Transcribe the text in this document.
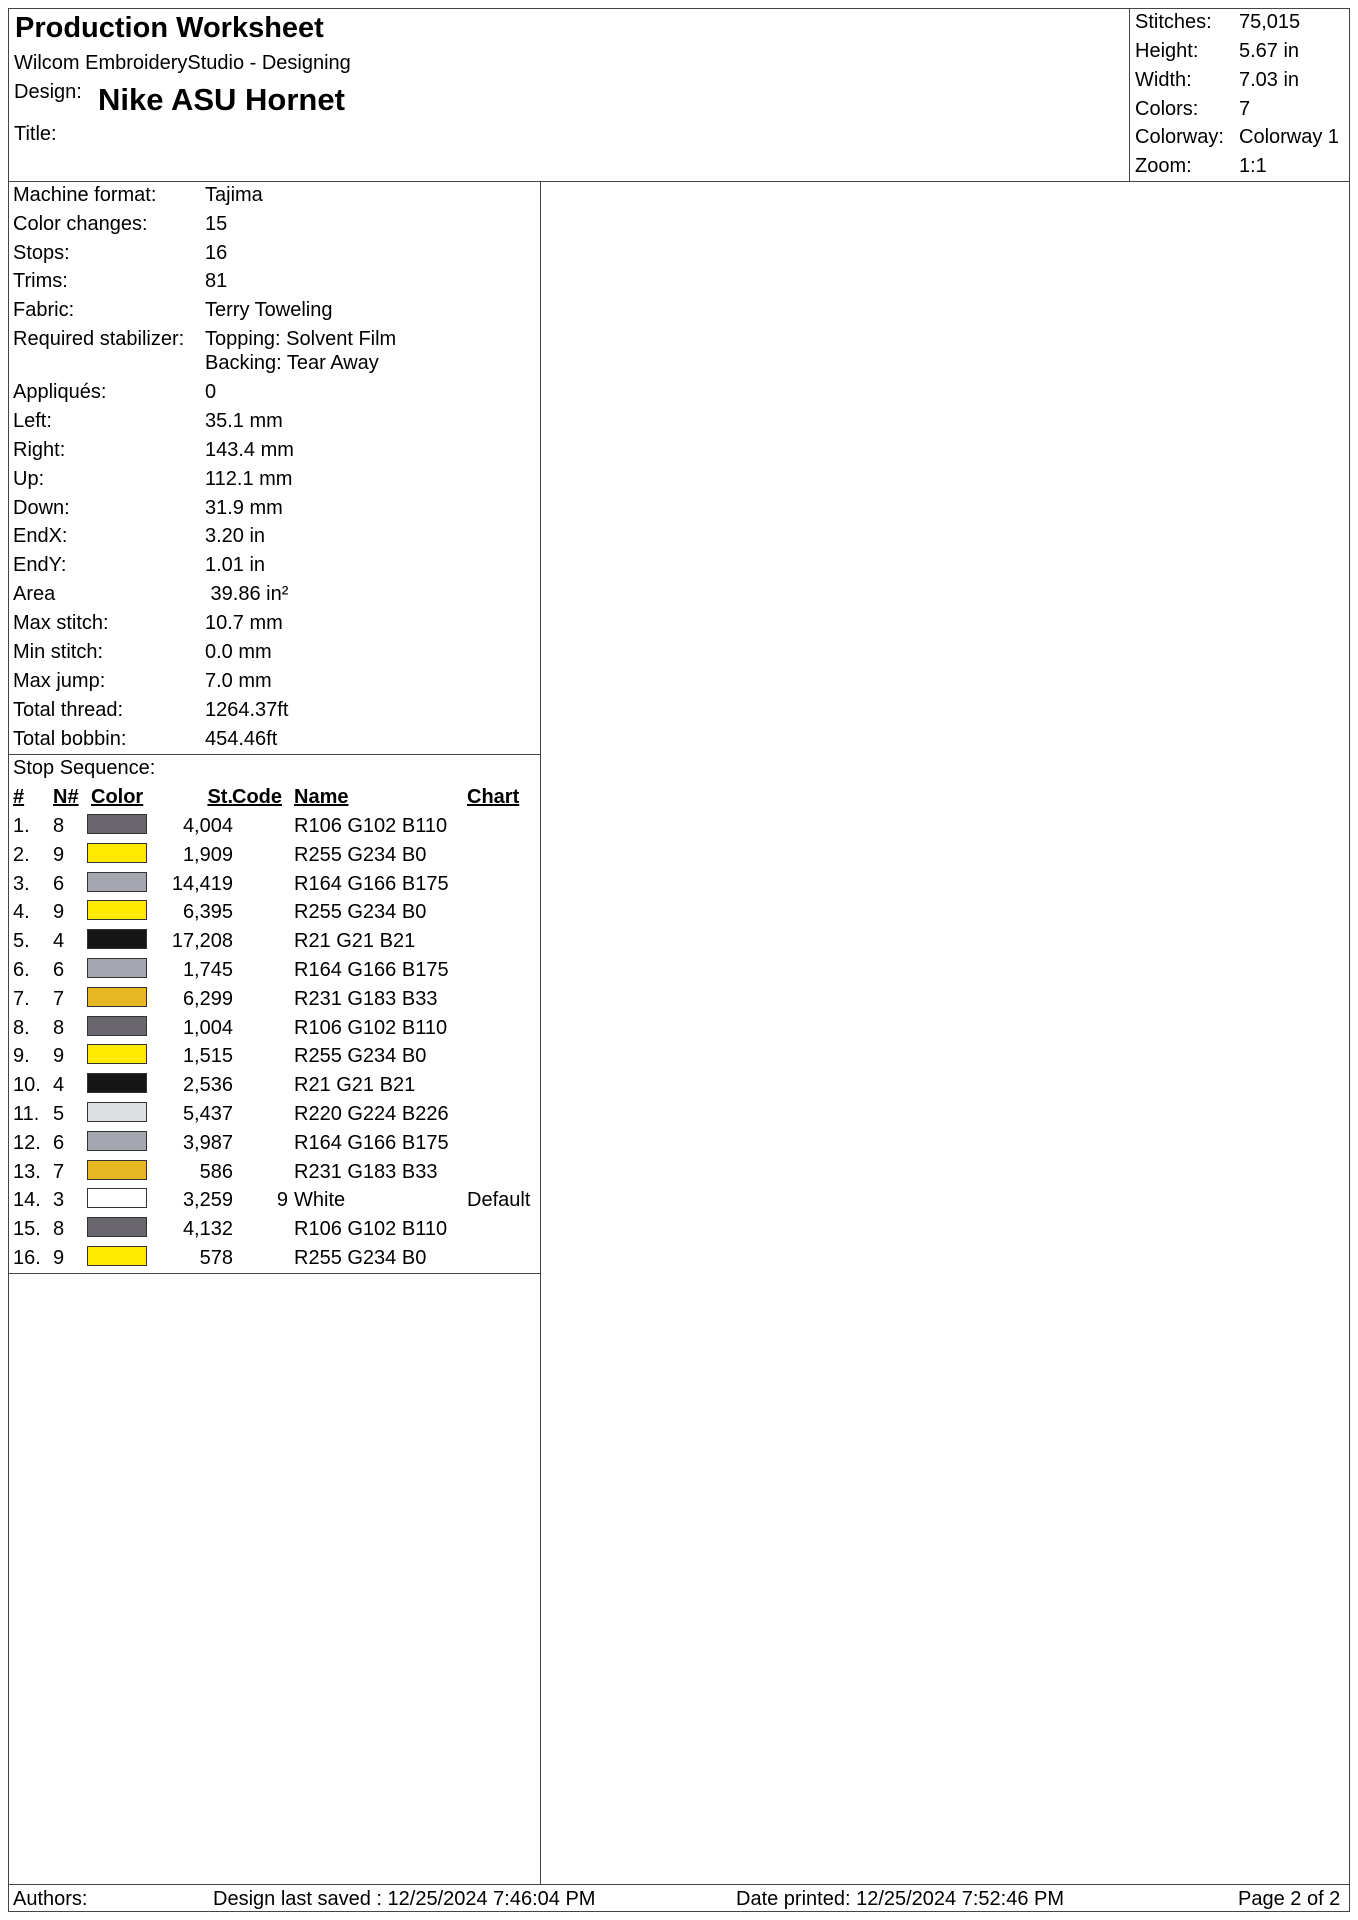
Production Worksheet
Wilcom EmbroideryStudio - Designing
Design: Nike ASU Hornet
Title:
Stitches: 75,015
Height: 5.67 in
Width: 7.03 in
Colors: 7
Colorway: Colorway 1
Zoom: 1:1
Machine format: Tajima
Color changes:	15
Stops:	16
Trims:	81
Fabric:	Terry Toweling
Required stabilizer: Topping: Solvent Film
Backing: Tear Away
Appliqués:	0
Left:	35.1 mm
Right:	143.4 mm
Up:	112.1 mm
Down:	31.9 mm
EndX:	3.20 in
EndY:	1.01 in
Area	39.86 in²
Max stitch:	10.7 mm
Min stitch:	0.0 mm
Max jump:	7.0 mm
Total thread:	1264.37ft
Total bobbin:	454.46ft
Stop Sequence:
# N# Color	St. Code Name	Chart
1. 8	4,004	R106 G102 B110
2. 9	1,909	R255 G234 B0
3. 6	14,419	R164 G166 B175
4. 9	6,395	R255 G234 B0
5. 4	17,208	R21 G21 B21
6. 6	1,745	R164 G166 B175
7. 7	6,299	R231 G183 B33
8. 8	1,004	R106 G102 B110
9. 9	1,515	R255 G234 B0
10. 4	2,536	R21 G21 B21
11. 5	5,437	R220 G224 B226
12. 6	3,987	R164 G166 B175
13. 7	586	R231 G183 B33
14. 3	3,259	9 White	Default
15. 8	4,132	R106 G102 B110
16. 9	578	R255 G234 B0
Authors:	Design last saved : 12/25/2024 7:46:04 PM	Date printed: 12/25/2024 7:52:46 PM	Page 2 of 2
